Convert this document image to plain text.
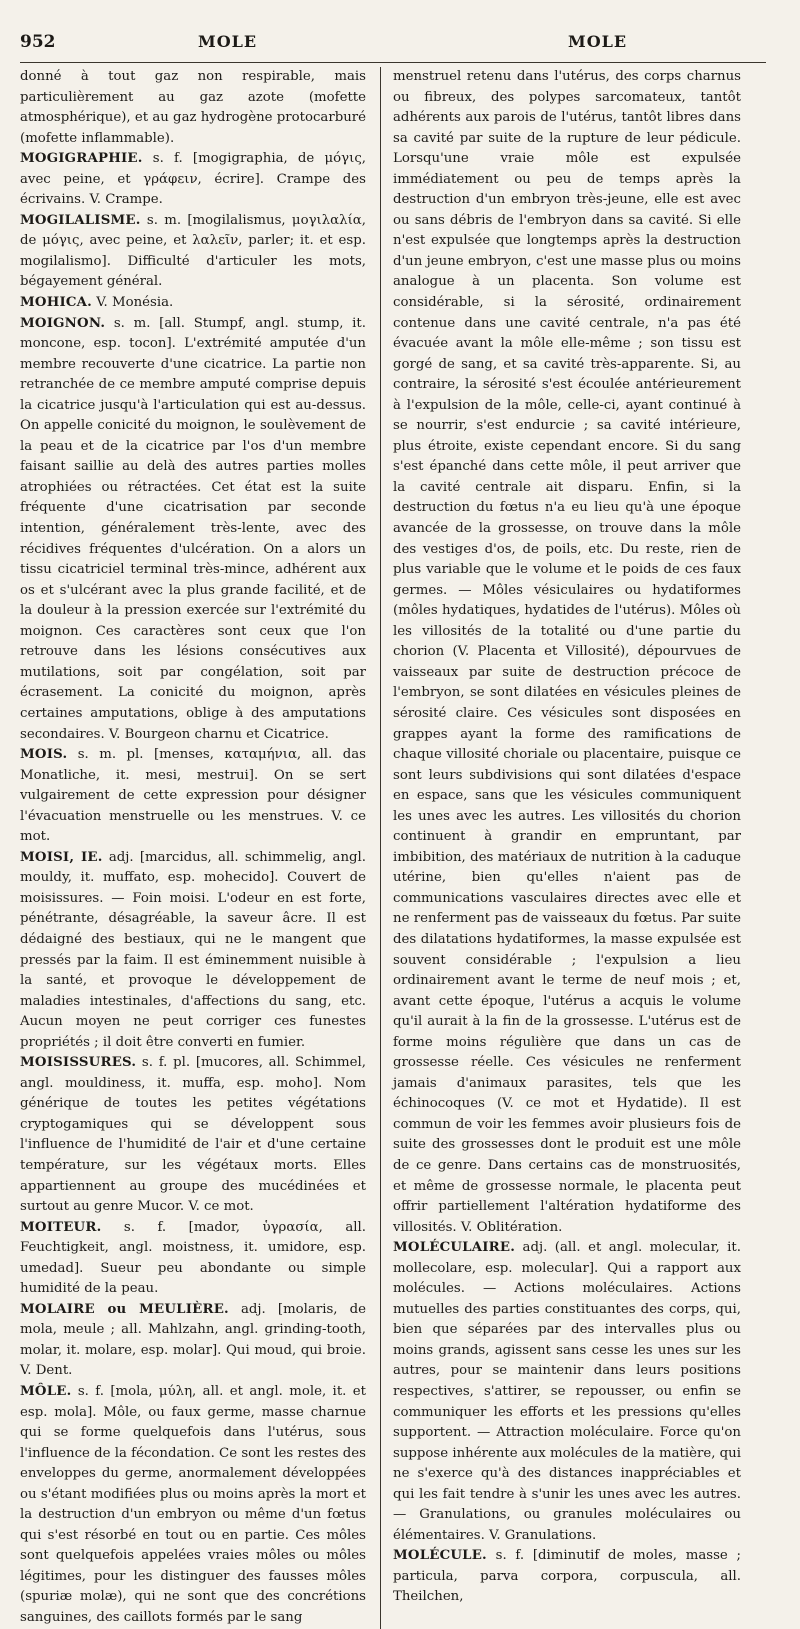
952	MOLE	MOLE

donné à tout gaz non respirable, mais particulièrement au gaz azote (mofette atmosphérique), et au gaz hydrogène protocarburé (mofette inflammable).

MOGIGRAPHIE. s. f. [mogigraphia, de μόγις, avec peine, et γράφειν, écrire]. Crampe des écrivains. V. Crampe.

MOGILALISME. s. m. [mogilalismus, μογιλαλία, de μόγις, avec peine, et λαλεῖν, parler; it. et esp. mogilalismo]. Difficulté d'articuler les mots, bégayement général.

MOHICA. V. Monésia.

MOIGNON. s. m. [all. Stumpf, angl. stump, it. moncone, esp. tocon]. L'extrémité amputée d'un membre recouverte d'une cicatrice. La partie non retranchée de ce membre amputé comprise depuis la cicatrice jusqu'à l'articulation qui est au-dessus. On appelle conicité du moignon, le soulèvement de la peau et de la cicatrice par l'os d'un membre faisant saillie au delà des autres parties molles atrophiées ou rétractées. Cet état est la suite fréquente d'une cicatrisation par seconde intention, généralement très-lente, avec des récidives fréquentes d'ulcération. On a alors un tissu cicatriciel terminal très-mince, adhérent aux os et s'ulcérant avec la plus grande facilité, et de la douleur à la pression exercée sur l'extrémité du moignon. Ces caractères sont ceux que l'on retrouve dans les lésions consécutives aux mutilations, soit par congélation, soit par écrasement. La conicité du moignon, après certaines amputations, oblige à des amputations secondaires. V. Bourgeon charnu et Cicatrice.

MOIS. s. m. pl. [menses, καταμήνια, all. das Monatliche, it. mesi, mestrui]. On se sert vulgairement de cette expression pour désigner l'évacuation menstruelle ou les menstrues. V. ce mot.

MOISI, IE. adj. [marcidus, all. schimmelig, angl. mouldy, it. muffato, esp. mohecido]. Couvert de moisissures. — Foin moisi. L'odeur en est forte, pénétrante, désagréable, la saveur âcre. Il est dédaigné des bestiaux, qui ne le mangent que pressés par la faim. Il est éminemment nuisible à la santé, et provoque le développement de maladies intestinales, d'affections du sang, etc. Aucun moyen ne peut corriger ces funestes propriétés ; il doit être converti en fumier.

MOISISSURES. s. f. pl. [mucores, all. Schimmel, angl. mouldiness, it. muffa, esp. moho]. Nom générique de toutes les petites végétations cryptogamiques qui se développent sous l'influence de l'humidité de l'air et d'une certaine température, sur les végétaux morts. Elles appartiennent au groupe des mucédinées et surtout au genre Mucor. V. ce mot.

MOITEUR. s. f. [mador, ὑγρασία, all. Feuchtigkeit, angl. moistness, it. umidore, esp. umedad]. Sueur peu abondante ou simple humidité de la peau.

MOLAIRE ou MEULIÈRE. adj. [molaris, de mola, meule ; all. Mahlzahn, angl. grinding-tooth, molar, it. molare, esp. molar]. Qui moud, qui broie. V. Dent.

MÔLE. s. f. [mola, μύλη, all. et angl. mole, it. et esp. mola]. Môle, ou faux germe, masse charnue qui se forme quelquefois dans l'utérus, sous l'influence de la fécondation. Ce sont les restes des enveloppes du germe, anormalement développées ou s'étant modifiées plus ou moins après la mort et la destruction d'un embryon ou même d'un fœtus qui s'est résorbé en tout ou en partie. Ces môles sont quelquefois appelées vraies môles ou môles légitimes, pour les distinguer des fausses môles (spuriæ molæ), qui ne sont que des concrétions sanguines, des caillots formés par le sang

menstruel retenu dans l'utérus, des corps charnus ou fibreux, des polypes sarcomateux, tantôt adhérents aux parois de l'utérus, tantôt libres dans sa cavité par suite de la rupture de leur pédicule. Lorsqu'une vraie môle est expulsée immédiatement ou peu de temps après la destruction d'un embryon très-jeune, elle est avec ou sans débris de l'embryon dans sa cavité. Si elle n'est expulsée que longtemps après la destruction d'un jeune embryon, c'est une masse plus ou moins analogue à un placenta. Son volume est considérable, si la sérosité, ordinairement contenue dans une cavité centrale, n'a pas été évacuée avant la môle elle-même ; son tissu est gorgé de sang, et sa cavité très-apparente. Si, au contraire, la sérosité s'est écoulée antérieurement à l'expulsion de la môle, celle-ci, ayant continué à se nourrir, s'est endurcie ; sa cavité intérieure, plus étroite, existe cependant encore. Si du sang s'est épanché dans cette môle, il peut arriver que la cavité centrale ait disparu. Enfin, si la destruction du fœtus n'a eu lieu qu'à une époque avancée de la grossesse, on trouve dans la môle des vestiges d'os, de poils, etc. Du reste, rien de plus variable que le volume et le poids de ces faux germes. — Môles vésiculaires ou hydatiformes (môles hydatiques, hydatides de l'utérus). Môles où les villosités de la totalité ou d'une partie du chorion (V. Placenta et Villosité), dépourvues de vaisseaux par suite de destruction précoce de l'embryon, se sont dilatées en vésicules pleines de sérosité claire. Ces vésicules sont disposées en grappes ayant la forme des ramifications de chaque villosité choriale ou placentaire, puisque ce sont leurs subdivisions qui sont dilatées d'espace en espace, sans que les vésicules communiquent les unes avec les autres. Les villosités du chorion continuent à grandir en empruntant, par imbibition, des matériaux de nutrition à la caduque utérine, bien qu'elles n'aient pas de communications vasculaires directes avec elle et ne renferment pas de vaisseaux du fœtus. Par suite des dilatations hydatiformes, la masse expulsée est souvent considérable ; l'expulsion a lieu ordinairement avant le terme de neuf mois ; et, avant cette époque, l'utérus a acquis le volume qu'il aurait à la fin de la grossesse. L'utérus est de forme moins régulière que dans un cas de grossesse réelle. Ces vésicules ne renferment jamais d'animaux parasites, tels que les échinocoques (V. ce mot et Hydatide). Il est commun de voir les femmes avoir plusieurs fois de suite des grossesses dont le produit est une môle de ce genre. Dans certains cas de monstruosités, et même de grossesse normale, le placenta peut offrir partiellement l'altération hydatiforme des villosités. V. Oblitération.

MOLÉCULAIRE. adj. (all. et angl. molecular, it. mollecolare, esp. molecular]. Qui a rapport aux molécules. — Actions moléculaires. Actions mutuelles des parties constituantes des corps, qui, bien que séparées par des intervalles plus ou moins grands, agissent sans cesse les unes sur les autres, pour se maintenir dans leurs positions respectives, s'attirer, se repousser, ou enfin se communiquer les efforts et les pressions qu'elles supportent. — Attraction moléculaire. Force qu'on suppose inhérente aux molécules de la matière, qui ne s'exerce qu'à des distances inappréciables et qui les fait tendre à s'unir les unes avec les autres. — Granulations, ou granules moléculaires ou élémentaires. V. Granulations.

MOLÉCULE. s. f. [diminutif de moles, masse ; particula, parva corpora, corpuscula, all. Theilchen,
